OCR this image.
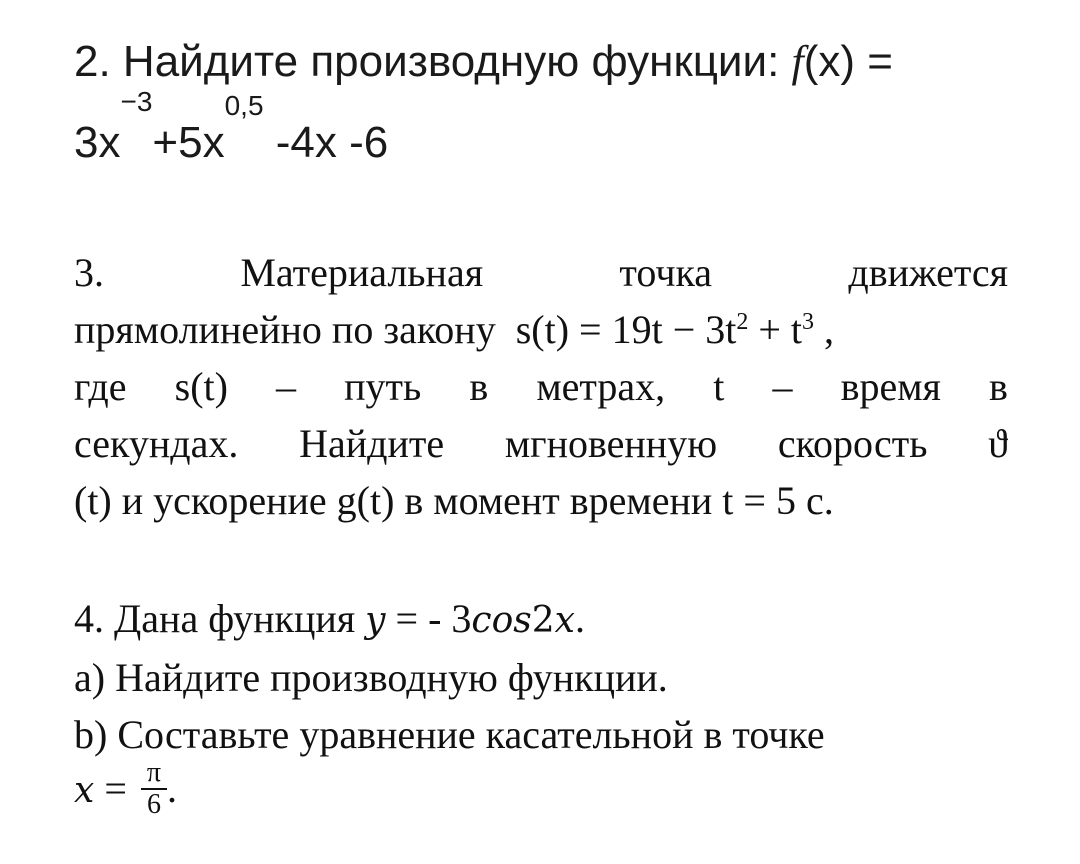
2. Найдите производную функции: f(x) =
$3x^{-3}+5x^{0,5}$ -4x -6
3.	Материальная	точка	движется
прямолинейно по закону  $s(t) = 19t - 3t^2 + t^3$ ,
где s(t) – путь в метрах, t – время в
секундах. Найдите мгновенную скорость ϑ
(t) и ускорение g(t) в момент времени t = 5 с.
4. Дана функция y = - 3cos2x.
a) Найдите производную функции.
b) Составьте уравнение касательной в точке
$x = \frac{\pi}{6}$ .
